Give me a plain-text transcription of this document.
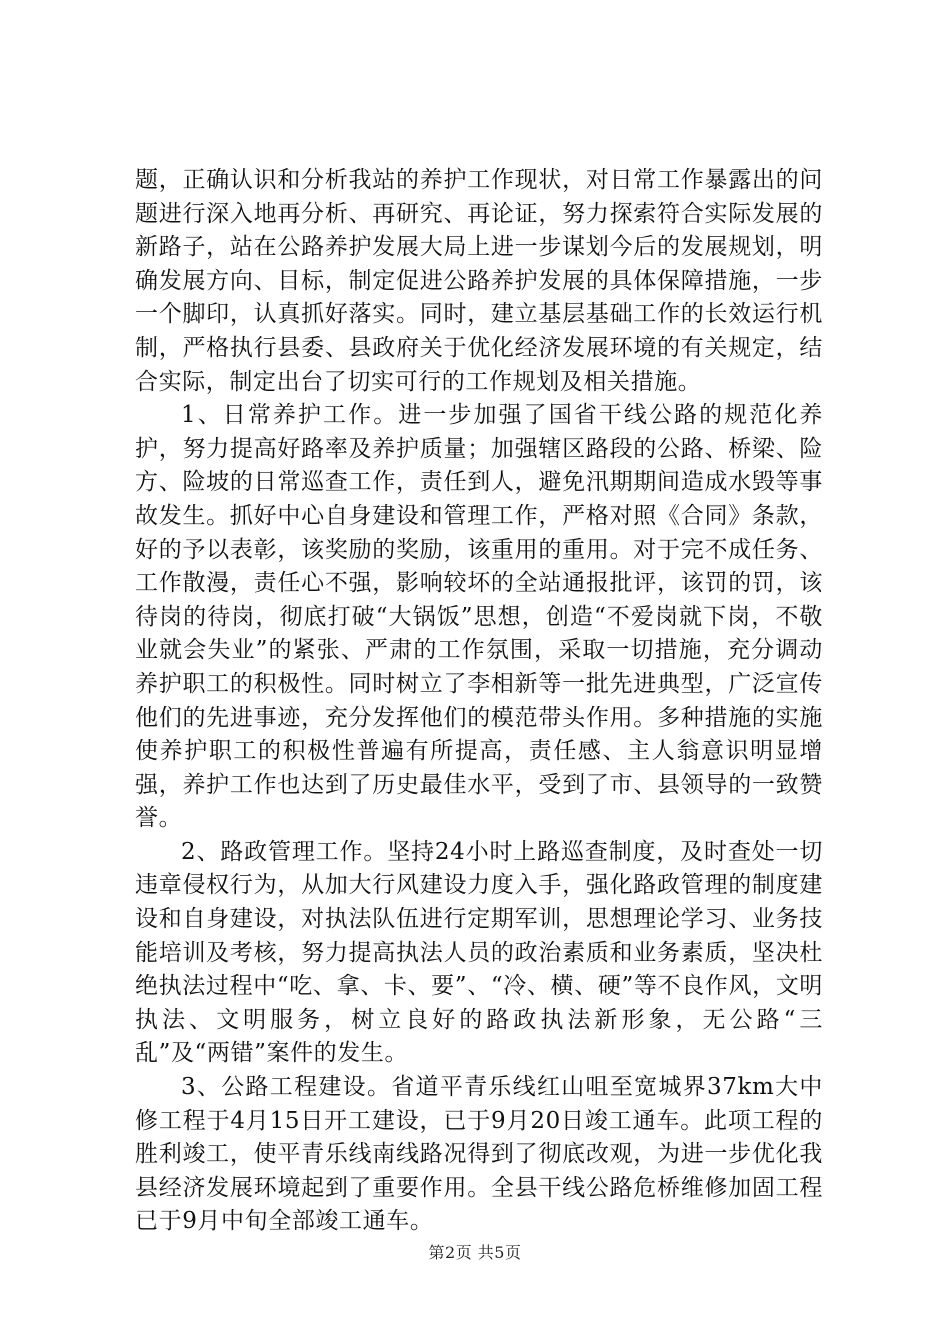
题，正确认识和分析我站的养护工作现状，对日常工作暴露出的问题进行深入地再分析、再研究、再论证，努力探索符合实际发展的新路子，站在公路养护发展大局上进一步谋划今后的发展规划，明确发展方向、目标，制定促进公路养护发展的具体保障措施，一步一个脚印，认真抓好落实。同时，建立基层基础工作的长效运行机制，严格执行县委、县政府关于优化经济发展环境的有关规定，结合实际，制定出台了切实可行的工作规划及相关措施。

1、日常养护工作。进一步加强了国省干线公路的规范化养护，努力提高好路率及养护质量；加强辖区路段的公路、桥梁、险方、险坡的日常巡查工作，责任到人，避免汛期期间造成水毁等事故发生。抓好中心自身建设和管理工作，严格对照《合同》条款，好的予以表彰，该奖励的奖励，该重用的重用。对于完不成任务、工作散漫，责任心不强，影响较坏的全站通报批评，该罚的罚，该待岗的待岗，彻底打破“大锅饭”思想，创造“不爱岗就下岗，不敬业就会失业”的紧张、严肃的工作氛围，采取一切措施，充分调动养护职工的积极性。同时树立了李相新等一批先进典型，广泛宣传他们的先进事迹，充分发挥他们的模范带头作用。多种措施的实施使养护职工的积极性普遍有所提高，责任感、主人翁意识明显增强，养护工作也达到了历史最佳水平，受到了市、县领导的一致赞誉。

2、路政管理工作。坚持24小时上路巡查制度，及时查处一切违章侵权行为，从加大行风建设力度入手，强化路政管理的制度建设和自身建设，对执法队伍进行定期军训，思想理论学习、业务技能培训及考核，努力提高执法人员的政治素质和业务素质，坚决杜绝执法过程中“吃、拿、卡、要”、“冷、横、硬”等不良作风，文明执法、文明服务，树立良好的路政执法新形象，无公路“三乱”及“两错”案件的发生。

3、公路工程建设。省道平青乐线红山咀至宽城界37km大中修工程于4月15日开工建设，已于9月20日竣工通车。此项工程的胜利竣工，使平青乐线南线路况得到了彻底改观，为进一步优化我县经济发展环境起到了重要作用。全县干线公路危桥维修加固工程已于9月中旬全部竣工通车。

第2页 共5页
